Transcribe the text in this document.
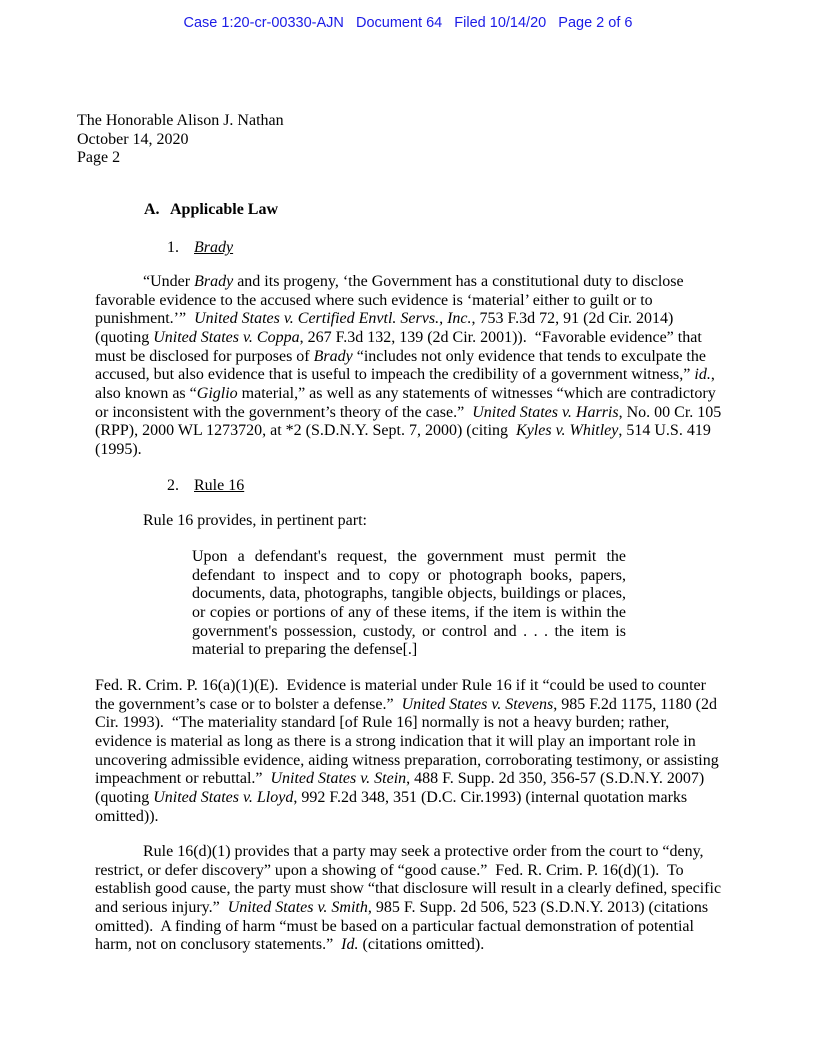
Case 1:20-cr-00330-AJN   Document 64   Filed 10/14/20   Page 2 of 6
The Honorable Alison J. Nathan
October 14, 2020
Page 2
A. Applicable Law
1. Brady
“Under Brady and its progeny, ‘the Government has a constitutional duty to disclose favorable evidence to the accused where such evidence is ‘material’ either to guilt or to punishment.’”  United States v. Certified Envtl. Servs., Inc., 753 F.3d 72, 91 (2d Cir. 2014) (quoting United States v. Coppa, 267 F.3d 132, 139 (2d Cir. 2001)).  “Favorable evidence” that must be disclosed for purposes of Brady “includes not only evidence that tends to exculpate the accused, but also evidence that is useful to impeach the credibility of a government witness,” id., also known as “Giglio material,” as well as any statements of witnesses “which are contradictory or inconsistent with the government’s theory of the case.”  United States v. Harris, No. 00 Cr. 105 (RPP), 2000 WL 1273720, at *2 (S.D.N.Y. Sept. 7, 2000) (citing  Kyles v. Whitley, 514 U.S. 419 (1995).
2. Rule 16
Rule 16 provides, in pertinent part:
Upon a defendant's request, the government must permit the defendant to inspect and to copy or photograph books, papers, documents, data, photographs, tangible objects, buildings or places, or copies or portions of any of these items, if the item is within the government's possession, custody, or control and . . . the item is material to preparing the defense[.]
Fed. R. Crim. P. 16(a)(1)(E).  Evidence is material under Rule 16 if it “could be used to counter the government’s case or to bolster a defense.”  United States v. Stevens, 985 F.2d 1175, 1180 (2d Cir. 1993).  “The materiality standard [of Rule 16] normally is not a heavy burden; rather, evidence is material as long as there is a strong indication that it will play an important role in uncovering admissible evidence, aiding witness preparation, corroborating testimony, or assisting impeachment or rebuttal.”  United States v. Stein, 488 F. Supp. 2d 350, 356-57 (S.D.N.Y. 2007) (quoting United States v. Lloyd, 992 F.2d 348, 351 (D.C. Cir.1993) (internal quotation marks omitted)).
Rule 16(d)(1) provides that a party may seek a protective order from the court to “deny, restrict, or defer discovery” upon a showing of “good cause.”  Fed. R. Crim. P. 16(d)(1).  To establish good cause, the party must show “that disclosure will result in a clearly defined, specific and serious injury.”  United States v. Smith, 985 F. Supp. 2d 506, 523 (S.D.N.Y. 2013) (citations omitted).  A finding of harm “must be based on a particular factual demonstration of potential harm, not on conclusory statements.”  Id. (citations omitted).
